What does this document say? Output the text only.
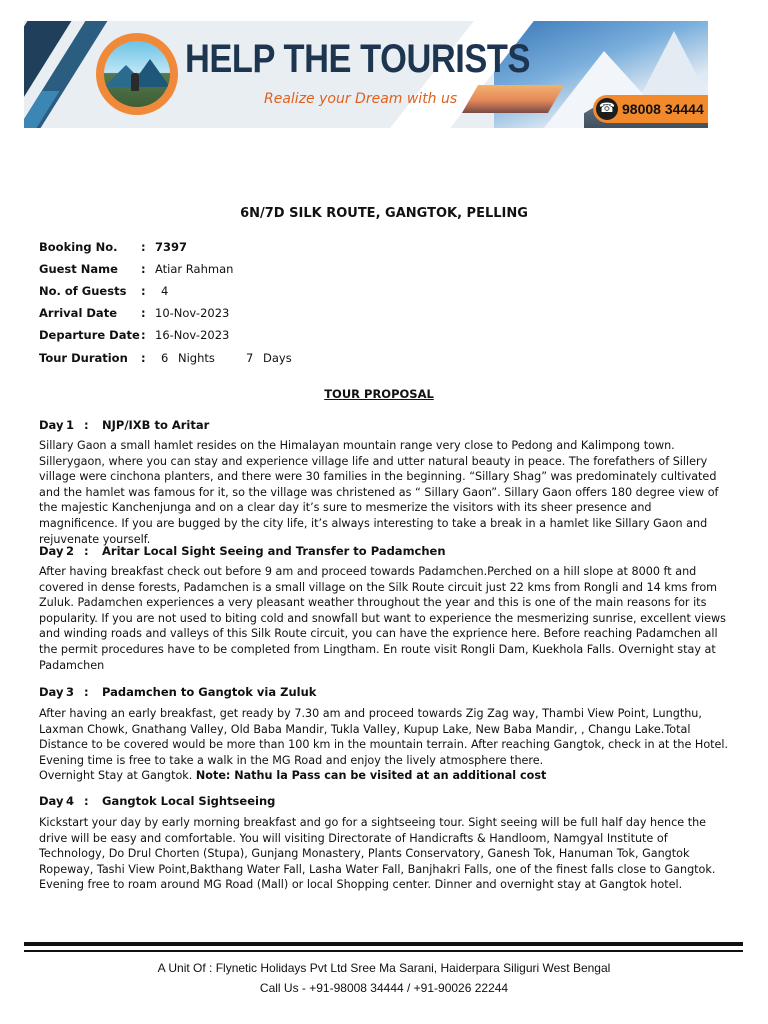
HELP THE TOURISTS
Realize your Dream with us
☎ 98008 34444
6N/7D SILK ROUTE, GANGTOK, PELLING
Booking No. : 7397
Guest Name : Atiar Rahman
No. of Guests : 4
Arrival Date : 10-Nov-2023
Departure Date : 16-Nov-2023
Tour Duration : 6 Nights	7 Days
TOUR PROPOSAL
Day 1 : NJP/IXB to Aritar
Sillary Gaon a small hamlet resides on the Himalayan mountain range very close to Pedong and Kalimpong town. Sillerygaon, where you can stay and experience village life and utter natural beauty in peace. The forefathers of Sillery village were cinchona planters, and there were 30 families in the beginning. “Sillary Shag” was predominately cultivated and the hamlet was famous for it, so the village was christened as “ Sillary Gaon”. Sillary Gaon offers 180 degree view of the majestic Kanchenjunga and on a clear day it’s sure to mesmerize the visitors with its sheer presence and magnificence. If you are bugged by the city life, it’s always interesting to take a break in a hamlet like Sillary Gaon and rejuvenate yourself.
Day 2 : Aritar Local Sight Seeing and Transfer to Padamchen
After having breakfast check out before 9 am and proceed towards Padamchen.Perched on a hill slope at 8000 ft and covered in dense forests, Padamchen is a small village on the Silk Route circuit just 22 kms from Rongli and 14 kms from Zuluk. Padamchen experiences a very pleasant weather throughout the year and this is one of the main reasons for its popularity. If you are not used to biting cold and snowfall but want to experience the mesmerizing sunrise, excellent views and winding roads and valleys of this Silk Route circuit, you can have the exprience here. Before reaching Padamchen all the permit procedures have to be completed from Lingtham. En route visit Rongli Dam, Kuekhola Falls. Overnight stay at Padamchen
Day 3 : Padamchen to Gangtok via Zuluk
After having an early breakfast, get ready by 7.30 am and proceed towards Zig Zag way, Thambi View Point, Lungthu, Laxman Chowk, Gnathang Valley, Old Baba Mandir, Tukla Valley, Kupup Lake, New Baba Mandir, , Changu Lake.Total Distance to be covered would be more than 100 km in the mountain terrain. After reaching Gangtok, check in at the Hotel. Evening time is free to take a walk in the MG Road and enjoy the lively atmosphere there.
Overnight Stay at Gangtok. Note: Nathu la Pass can be visited at an additional cost
Day 4 : Gangtok Local Sightseeing
Kickstart your day by early morning breakfast and go for a sightseeing tour. Sight seeing will be full half day hence the drive will be easy and comfortable. You will visiting Directorate of Handicrafts & Handloom, Namgyal Institute of Technology, Do Drul Chorten (Stupa), Gunjang Monastery, Plants Conservatory, Ganesh Tok, Hanuman Tok, Gangtok Ropeway, Tashi View Point,Bakthang Water Fall, Lasha Water Fall, Banjhakri Falls, one of the finest falls close to Gangtok. Evening free to roam around MG Road (Mall) or local Shopping center. Dinner and overnight stay at Gangtok hotel.
A Unit Of : Flynetic Holidays Pvt Ltd Sree Ma Sarani, Haiderpara Siliguri West Bengal
Call Us - +91-98008 34444 / +91-90026 22244
